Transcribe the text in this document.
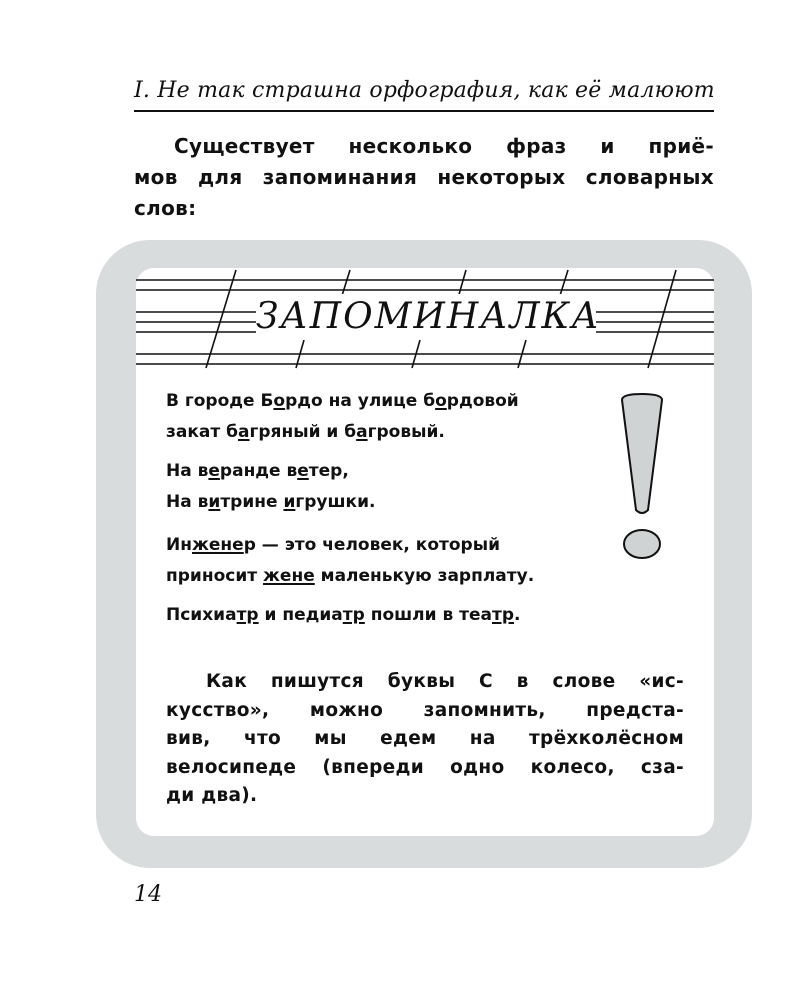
I. Не так страшна орфография, как её малюют
Существует несколько фраз и приё-
мов для запоминания некоторых словарных
слов:
ЗАПОМИНАЛКА
В городе Бордо на улице бордовой
закат багряный и багровый.
На веранде ветер,
На витрине игрушки.
Инженер — это человек, который
приносит жене маленькую зарплату.
Психиатр и педиатр пошли в театр.
Как пишутся буквы С в слове «ис-
кусство», можно запомнить, предста-
вив, что мы едем на трёхколёсном
велосипеде (впереди одно колесо, сза-
ди два).
14
